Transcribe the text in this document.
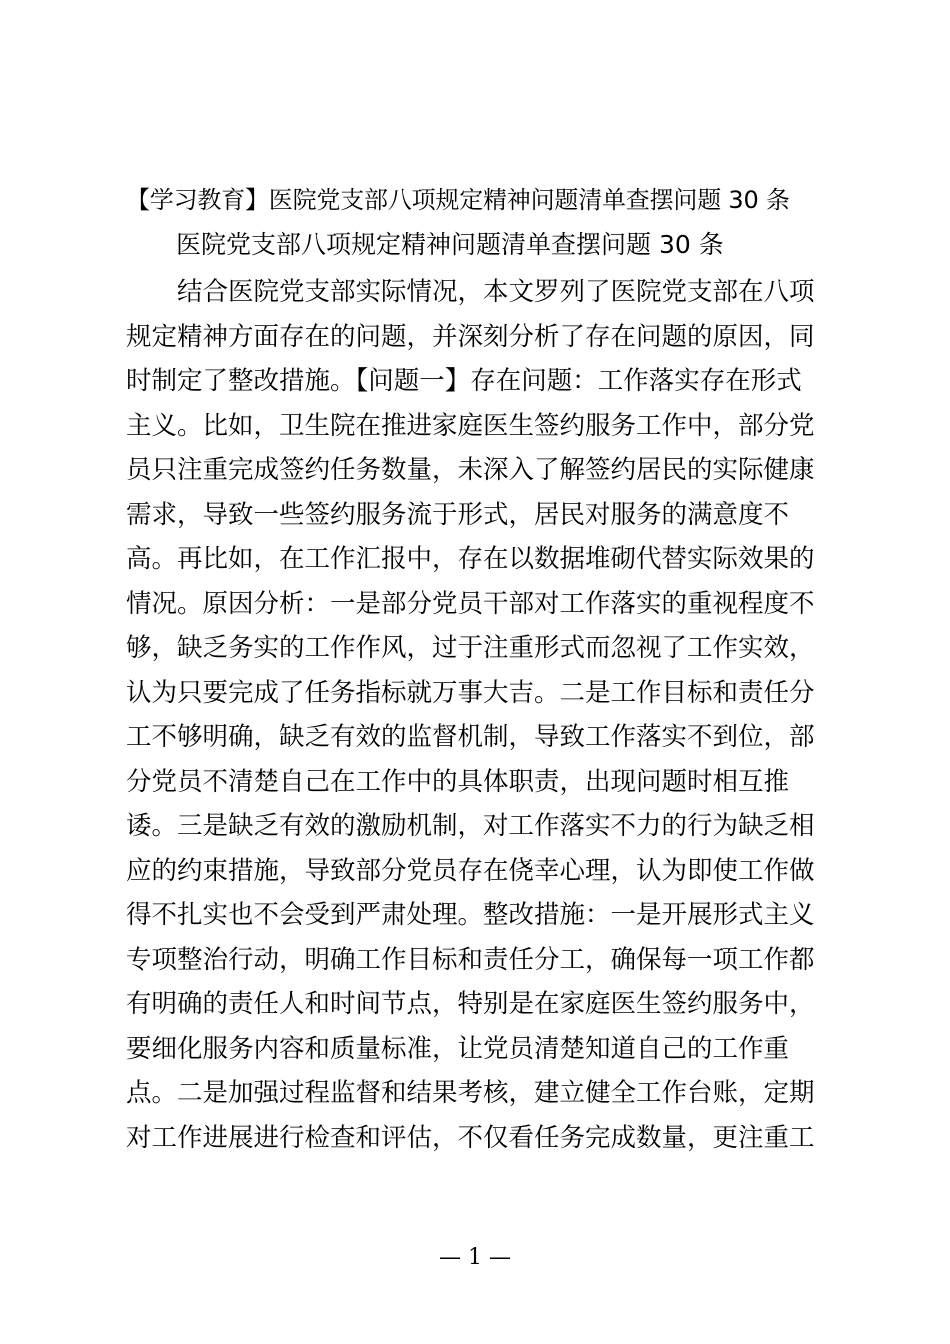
【学习教育】医院党支部八项规定精神问题清单查摆问题 30 条
医院党支部八项规定精神问题清单查摆问题 30 条
　　结合医院党支部实际情况，本文罗列了医院党支部在八项
规定精神方面存在的问题，并深刻分析了存在问题的原因，同
时制定了整改措施。【问题一】存在问题：工作落实存在形式
主义。比如，卫生院在推进家庭医生签约服务工作中，部分党
员只注重完成签约任务数量，未深入了解签约居民的实际健康
需求，导致一些签约服务流于形式，居民对服务的满意度不
高。再比如，在工作汇报中，存在以数据堆砌代替实际效果的
情况。原因分析：一是部分党员干部对工作落实的重视程度不
够，缺乏务实的工作作风，过于注重形式而忽视了工作实效，
认为只要完成了任务指标就万事大吉。二是工作目标和责任分
工不够明确，缺乏有效的监督机制，导致工作落实不到位，部
分党员不清楚自己在工作中的具体职责，出现问题时相互推
诿。三是缺乏有效的激励机制，对工作落实不力的行为缺乏相
应的约束措施，导致部分党员存在侥幸心理，认为即使工作做
得不扎实也不会受到严肃处理。整改措施：一是开展形式主义
专项整治行动，明确工作目标和责任分工，确保每一项工作都
有明确的责任人和时间节点，特别是在家庭医生签约服务中，
要细化服务内容和质量标准，让党员清楚知道自己的工作重
点。二是加强过程监督和结果考核，建立健全工作台账，定期
对工作进展进行检查和评估，不仅看任务完成数量，更注重工
— 1 —
